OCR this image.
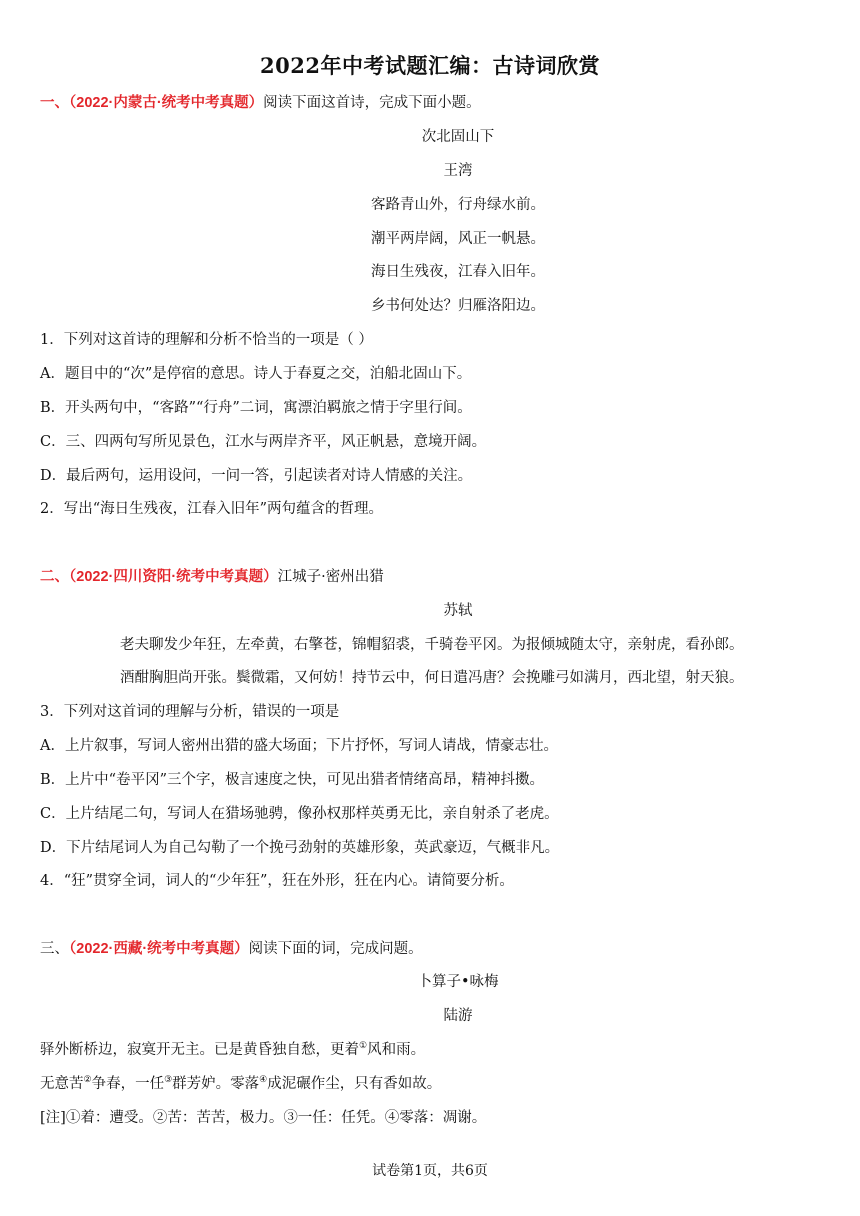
2022年中考试题汇编：古诗词欣赏
一、（2022·内蒙古·统考中考真题）阅读下面这首诗，完成下面小题。
次北固山下
王湾
客路青山外，行舟绿水前。
潮平两岸阔，风正一帆悬。
海日生残夜，江春入旧年。
乡书何处达？归雁洛阳边。
1．下列对这首诗的理解和分析不恰当的一项是（ ）
A．题目中的“次”是停宿的意思。诗人于春夏之交，泊船北固山下。
B．开头两句中，“客路”“行舟”二词，寓漂泊羁旅之情于字里行间。
C．三、四两句写所见景色，江水与两岸齐平，风正帆悬，意境开阔。
D．最后两句，运用设问，一问一答，引起读者对诗人情感的关注。
2．写出“海日生残夜，江春入旧年”两句蕴含的哲理。
二、（2022·四川资阳·统考中考真题）江城子·密州出猎
苏轼
老夫聊发少年狂，左牵黄，右擎苍，锦帽貂裘，千骑卷平冈。为报倾城随太守，亲射虎，看孙郎。
酒酣胸胆尚开张。鬓微霜，又何妨！持节云中，何日遣冯唐？会挽雕弓如满月，西北望，射天狼。
3．下列对这首词的理解与分析，错误的一项是
A．上片叙事，写词人密州出猎的盛大场面；下片抒怀，写词人请战，情豪志壮。
B．上片中“卷平冈”三个字，极言速度之快，可见出猎者情绪高昂，精神抖擞。
C．上片结尾二句，写词人在猎场驰骋，像孙权那样英勇无比，亲自射杀了老虎。
D．下片结尾词人为自己勾勒了一个挽弓劲射的英雄形象，英武豪迈，气概非凡。
4．“狂”贯穿全词，词人的“少年狂”，狂在外形，狂在内心。请简要分析。
三、（2022·西藏·统考中考真题）阅读下面的词，完成问题。
卜算子•咏梅
陆游
驿外断桥边，寂寞开无主。已是黄昏独自愁，更着①风和雨。
无意苦②争春，一任③群芳妒。零落④成泥碾作尘，只有香如故。
[注]①着：遭受。②苦：苦苦，极力。③一任：任凭。④零落：凋谢。
试卷第1页，共6页
